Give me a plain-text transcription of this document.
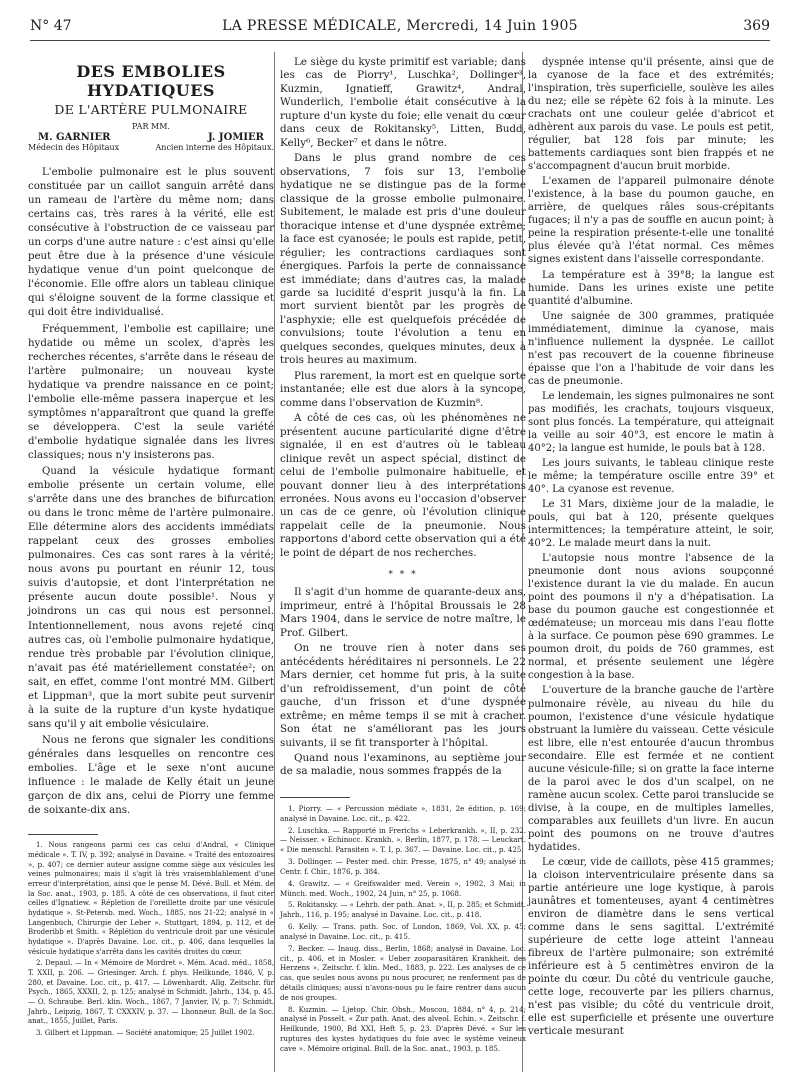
N° 47	LA PRESSE MÉDICALE, Mercredi, 14 Juin 1905	369
DES EMBOLIES HYDATIQUES
DE L'ARTÈRE PULMONAIRE
PAR MM.
M. GARNIER	J. JOMIER
Médecin des Hôpitaux	Ancien interne des Hôpitaux.

L'embolie pulmonaire est le plus souvent constituée par un caillot sanguin arrêté dans un rameau de l'artère du même nom; dans certains cas, très rares à la vérité, elle est consécutive à l'obstruction de ce vaisseau par un corps d'une autre nature : c'est ainsi qu'elle peut être due à la présence d'une vésicule hydatique venue d'un point quelconque de l'économie. Elle offre alors un tableau clinique qui s'éloigne souvent de la forme classique et qui doit être individualisé.

Fréquemment, l'embolie est capillaire; une hydatide ou même un scolex, d'après les recherches récentes, s'arrête dans le réseau de l'artère pulmonaire; un nouveau kyste hydatique va prendre naissance en ce point; l'embolie elle-même passera inaperçue et les symptômes n'apparaîtront que quand la greffe se développera. C'est la seule variété d'embolie hydatique signalée dans les livres classiques; nous n'y insisterons pas.

Quand la vésicule hydatique formant embolie présente un certain volume, elle s'arrête dans une des branches de bifurcation ou dans le tronc même de l'artère pulmonaire. Elle détermine alors des accidents immédiats rappelant ceux des grosses embolies pulmonaires. Ces cas sont rares à la vérité; nous avons pu pourtant en réunir 12, tous suivis d'autopsie, et dont l'interprétation ne présente aucun doute possible¹. Nous y joindrons un cas qui nous est personnel. Intentionnellement, nous avons rejeté cinq autres cas, où l'embolie pulmonaire hydatique, rendue très probable par l'évolution clinique, n'avait pas été matériellement constatée²; on sait, en effet, comme l'ont montré MM. Gilbert et Lippman³, que la mort subite peut survenir à la suite de la rupture d'un kyste hydatique sans qu'il y ait embolie vésiculaire.

Nous ne ferons que signaler les conditions générales dans lesquelles on rencontre ces embolies. L'âge et le sexe n'ont aucune influence : le malade de Kelly était un jeune garçon de dix ans, celui de Piorry une femme de soixante-dix ans.

1. Nous rangeons parmi ces cas celui d'Andral, « Clinique médicale ». T. IV, p. 392; analysé in Davaine. « Traité des entozoaires », p. 407; ce dernier auteur assigne comme siège aux vésicules les veines pulmonaires; mais il s'agit là très vraisemblablement d'une erreur d'interprétation, ainsi que le pense M. Dévé. Bull. et Mém. de la Soc. anat., 1903, p. 185. A côté de ces observations, il faut citer celles d'Ignatiew. « Répletion de l'oreillette droite par une vésicule hydatique ». St-Petersb. med. Woch., 1885, nos 21-22; analysé in « Langenbuch, Chirurgie der Leber ». Stuttgart, 1894, p. 112, et de Broderibb et Smith. « Réplétion du ventricule droit par une vésicule hydatique ». D'après Davaine. Loc. cit., p. 406, dans lesquelles la vésicule hydatique s'arrêta dans les cavités droites du cœur.
2. Depaul. — In « Mémoire de Mordret ». Mém. Acad. méd., 1858, T. XXII, p. 206. — Griesinger. Arch. f. phys. Heilkunde, 1846, V, p. 280, et Davaine. Loc. cit., p. 417. — Löwenhardt. Allg. Zeitschr. für Psych., 1865, XXXII, 2, p. 125; analysé in Schmidt. Jahrb., 134, p. 45. — O. Schraube. Berl. klin. Woch., 1867, 7 Janvier, IV, p. 7; Schmidt. Jahrb., Leipzig, 1867, T. CXXXIV, p. 37. — Lhonneur. Bull. de la Soc. anat., 1855, Juillet, Paris.
3. Gilbert et Lippman. — Société anatomique; 25 Juillet 1902.

Le siège du kyste primitif est variable; dans les cas de Piorry¹, Luschka², Dollinger³, Kuzmin, Ignatieff, Grawitz⁴, Andral, Wunderlich, l'embolie était consécutive à la rupture d'un kyste du foie; elle venait du cœur dans ceux de Rokitansky⁵, Litten, Budd, Kelly⁶, Becker⁷ et dans le nôtre.

Dans le plus grand nombre de ces observations, 7 fois sur 13, l'embolie hydatique ne se distingue pas de la forme classique de la grosse embolie pulmonaire. Subitement, le malade est pris d'une douleur thoracique intense et d'une dyspnée extrême; la face est cyanosée; le pouls est rapide, petit, régulier; les contractions cardiaques sont énergiques. Parfois la perte de connaissance est immédiate; dans d'autres cas, la malade garde sa lucidité d'esprit jusqu'à la fin. La mort survient bientôt par les progrès de l'asphyxie; elle est quelquefois précédée de convulsions; toute l'évolution a tenu en quelques secondes, quelques minutes, deux à trois heures au maximum.

Plus rarement, la mort est en quelque sorte instantanée; elle est due alors à la syncope, comme dans l'observation de Kuzmin⁸.

A côté de ces cas, où les phénomènes ne présentent aucune particularité digne d'être signalée, il en est d'autres où le tableau clinique revêt un aspect spécial, distinct de celui de l'embolie pulmonaire habituelle, et pouvant donner lieu à des interprétations erronées. Nous avons eu l'occasion d'observer un cas de ce genre, où l'évolution clinique rappelait celle de la pneumonie. Nous rapportons d'abord cette observation qui a été le point de départ de nos recherches.

* * *

Il s'agit d'un homme de quarante-deux ans, imprimeur, entré à l'hôpital Broussais le 28 Mars 1904, dans le service de notre maître, le Prof. Gilbert.

On ne trouve rien à noter dans ses antécédents héréditaires ni personnels. Le 22 Mars dernier, cet homme fut pris, à la suite d'un refroidissement, d'un point de côté gauche, d'un frisson et d'une dyspnée extrême; en même temps il se mit à cracher. Son état ne s'améliorant pas les jours suivants, il se fit transporter à l'hôpital.

Quand nous l'examinons, au septième jour de sa maladie, nous sommes frappés de la

1. Piorry. — « Percussion médiate », 1831, 2e édition, p. 169; analysé in Davaine. Loc. cit., p. 422.
2. Luschka. — Rapporté in Frerichs « Leberkrankh. », II, p. 232. — Neisser. « Echinocc. Krankh. ». Berlin, 1877, p. 178. — Leuckart. « Die menschl. Parasiten ». T. I, p. 367. — Davaine. Loc. cit., p. 425.
3. Dollinger. — Pester med. chir. Presse, 1875, n° 49; analysé in Centr. f. Chir., 1876, p. 384.
4. Grawitz. — « Greifswalder med. Verein », 1902, 3 Mai; in Münch. med. Woch., 1902, 24 Juin, n° 25, p. 1068.
5. Rokitansky. — « Lehrb. der path. Anat. », II, p. 285; et Schmidt. Jahrb., 116, p. 195; analysé in Davaine. Loc. cit., p. 418.
6. Kelly. — Trans. path. Soc. of London, 1869, Vol. XX, p. 45; analysé in Davaine. Loc. cit., p. 415.
7. Becker. — Inaug. diss., Berlin, 1868; analysé in Davaine. Loc. cit., p. 406, et in Mosler. « Ueber zooparasitären Krankheit. des Herzens ». Zeitschr. f. klin. Med., 1883, p. 222. Les analyses de ce cas, que seules nous avons pu nous procurer, ne renferment pas de détails cliniques; aussi n'avons-nous pu le faire rentrer dans aucun de nos groupes.
8. Kuzmin. — Ljetop. Chir. Obsh., Moscou, 1884, n° 4, p. 214; analysé in Posselt. « Zur path. Anat. des alveol. Echin. ». Zeitschr. f. Heilkunde, 1900, Bd XXI, Heft 5, p. 23. D'après Dévé. « Sur les ruptures des kystes hydatiques du foie avec le système veineux cave ». Mémoire original. Bull. de la Soc. anat., 1903, p. 185.

dyspnée intense qu'il présente, ainsi que de la cyanose de la face et des extrémités; l'inspiration, très superficielle, soulève les ailes du nez; elle se répète 62 fois à la minute. Les crachats ont une couleur gelée d'abricot et adhèrent aux parois du vase. Le pouls est petit, régulier, bat 128 fois par minute; les battements cardiaques sont bien frappés et ne s'accompagnent d'aucun bruit morbide.

L'examen de l'appareil pulmonaire dénote l'existence, à la base du poumon gauche, en arrière, de quelques râles sous-crépitants fugaces; il n'y a pas de souffle en aucun point; à peine la respiration présente-t-elle une tonalité plus élevée qu'à l'état normal. Ces mêmes signes existent dans l'aisselle correspondante.

La température est à 39°8; la langue est humide. Dans les urines existe une petite quantité d'albumine.

Une saignée de 300 grammes, pratiquée immédiatement, diminue la cyanose, mais n'influence nullement la dyspnée. Le caillot n'est pas recouvert de la couenne fibrineuse épaisse que l'on a l'habitude de voir dans les cas de pneumonie.

Le lendemain, les signes pulmonaires ne sont pas modifiés, les crachats, toujours visqueux, sont plus foncés. La température, qui atteignait la veille au soir 40°3, est encore le matin à 40°2; la langue est humide, le pouls bat à 128.

Les jours suivants, le tableau clinique reste le même; la température oscille entre 39° et 40°. La cyanose est revenue.

Le 31 Mars, dixième jour de la maladie, le pouls, qui bat à 120, présente quelques intermittences; la température atteint, le soir, 40°2. Le malade meurt dans la nuit.

L'autopsie nous montre l'absence de la pneumonie dont nous avions soupçonné l'existence durant la vie du malade. En aucun point des poumons il n'y a d'hépatisation. La base du poumon gauche est congestionnée et œdémateuse; un morceau mis dans l'eau flotte à la surface. Ce poumon pèse 690 grammes. Le poumon droit, du poids de 760 grammes, est normal, et présente seulement une légère congestion à la base.

L'ouverture de la branche gauche de l'artère pulmonaire révèle, au niveau du hile du poumon, l'existence d'une vésicule hydatique obstruant la lumière du vaisseau. Cette vésicule est libre, elle n'est entourée d'aucun thrombus secondaire. Elle est fermée et ne contient aucune vésicule-fille; si on gratte la face interne de la paroi avec le dos d'un scalpel, on ne ramène aucun scolex. Cette paroi translucide se divise, à la coupe, en de multiples lamelles, comparables aux feuillets d'un livre. En aucun point des poumons on ne trouve d'autres hydatides.

Le cœur, vide de caillots, pèse 415 grammes; la cloison interventriculaire présente dans sa partie antérieure une loge kystique, à parois jaunâtres et tomenteuses, ayant 4 centimètres environ de diamètre dans le sens vertical comme dans le sens sagittal. L'extrémité supérieure de cette loge atteint l'anneau fibreux de l'artère pulmonaire; son extrémité inférieure est à 5 centimètres environ de la pointe du cœur. Du côté du ventricule gauche, cette loge, recouverte par les piliers charnus, n'est pas visible; du côté du ventricule droit, elle est superficielle et présente une ouverture verticale mesurant
